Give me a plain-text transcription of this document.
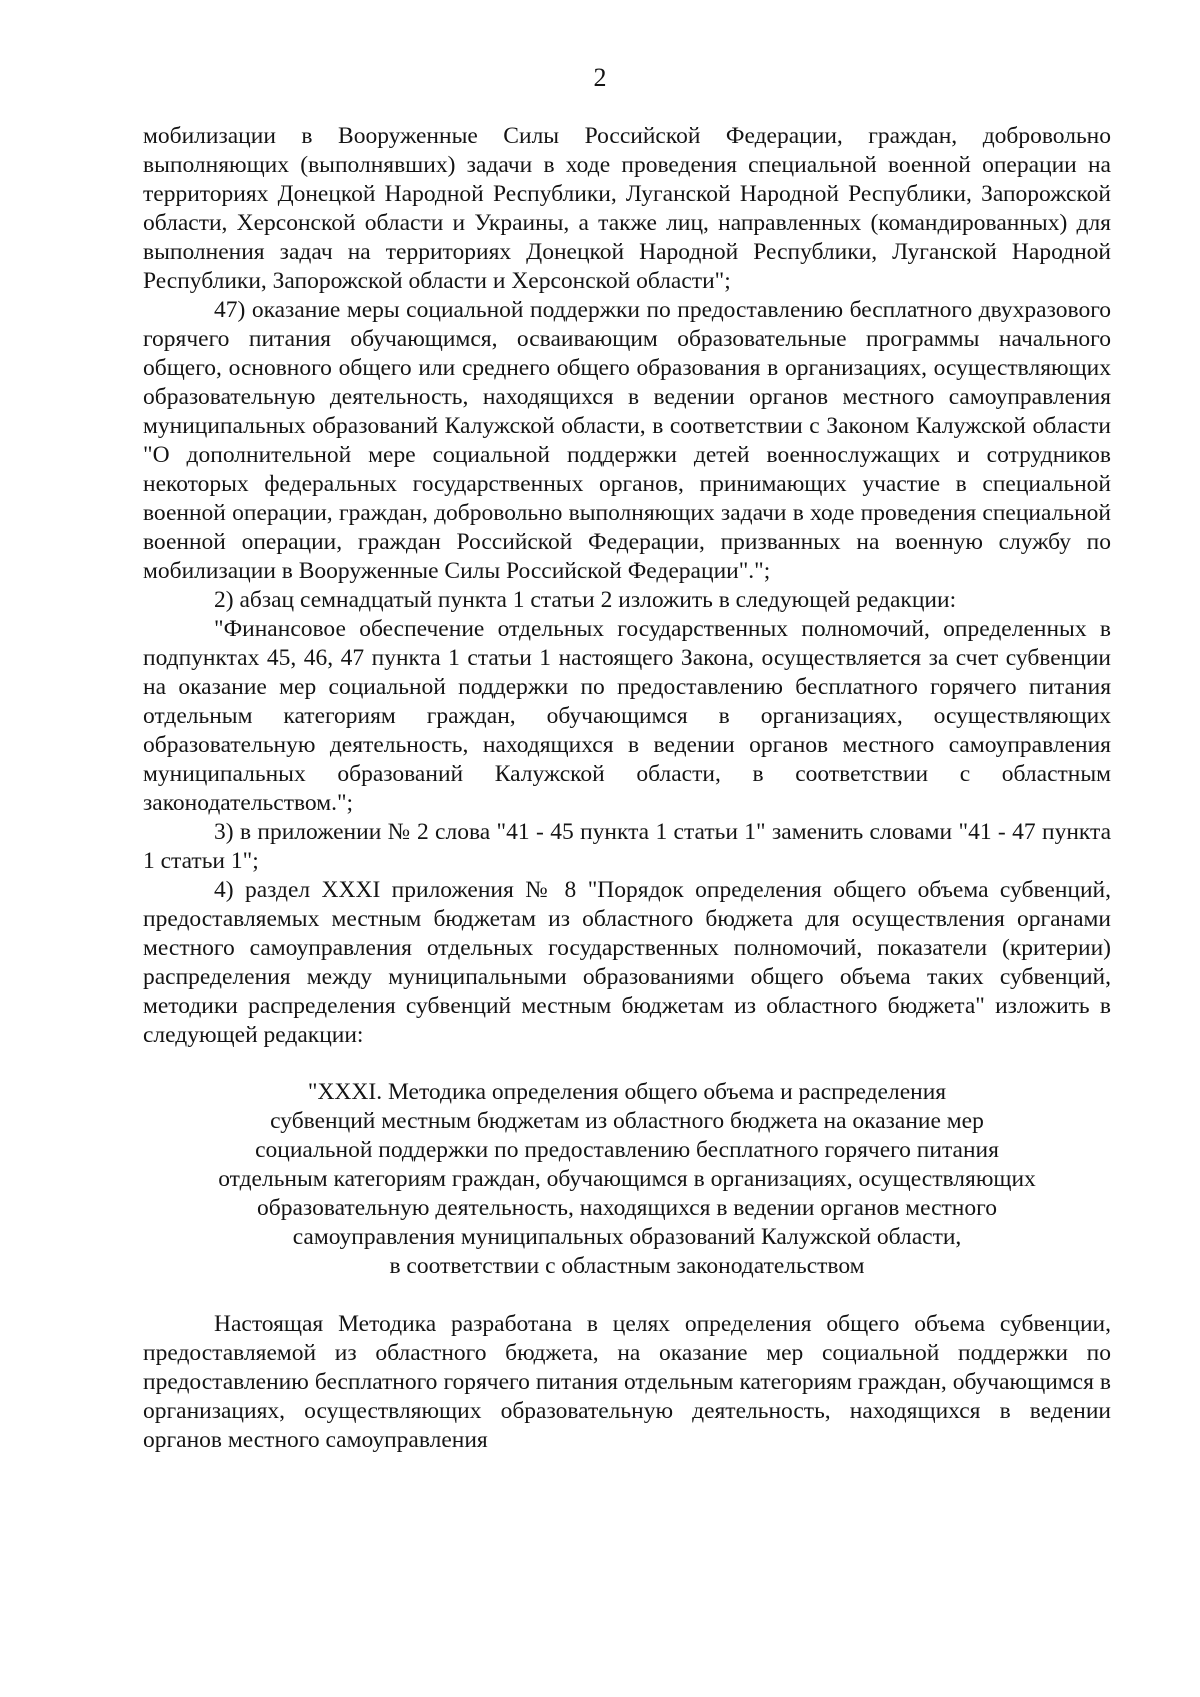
2

мобилизации в Вооруженные Силы Российской Федерации, граждан, добровольно выполняющих (выполнявших) задачи в ходе проведения специальной военной операции на территориях Донецкой Народной Республики, Луганской Народной Республики, Запорожской области, Херсонской области и Украины, а также лиц, направленных (командированных) для выполнения задач на территориях Донецкой Народной Республики, Луганской Народной Республики, Запорожской области и Херсонской области";

47) оказание меры социальной поддержки по предоставлению бесплатного двухразового горячего питания обучающимся, осваивающим образовательные программы начального общего, основного общего или среднего общего образования в организациях, осуществляющих образовательную деятельность, находящихся в ведении органов местного самоуправления муниципальных образований Калужской области, в соответствии с Законом Калужской области "О дополнительной мере социальной поддержки детей военнослужащих и сотрудников некоторых федеральных государственных органов, принимающих участие в специальной военной операции, граждан, добровольно выполняющих задачи в ходе проведения специальной военной операции, граждан Российской Федерации, призванных на военную службу по мобилизации в Вооруженные Силы Российской Федерации".";

2) абзац семнадцатый пункта 1 статьи 2 изложить в следующей редакции:

"Финансовое обеспечение отдельных государственных полномочий, определенных в подпунктах 45, 46, 47 пункта 1 статьи 1 настоящего Закона, осуществляется за счет субвенции на оказание мер социальной поддержки по предоставлению бесплатного горячего питания отдельным категориям граждан, обучающимся в организациях, осуществляющих образовательную деятельность, находящихся в ведении органов местного самоуправления муниципальных образований Калужской области, в соответствии с областным законодательством.";

3) в приложении № 2 слова "41 - 45 пункта 1 статьи 1" заменить словами "41 - 47 пункта 1 статьи 1";

4) раздел XXXI приложения № 8 "Порядок определения общего объема субвенций, предоставляемых местным бюджетам из областного бюджета для осуществления органами местного самоуправления отдельных государственных полномочий, показатели (критерии) распределения между муниципальными образованиями общего объема таких субвенций, методики распределения субвенций местным бюджетам из областного бюджета" изложить в следующей редакции:

"XXXI. Методика определения общего объема и распределения
субвенций местным бюджетам из областного бюджета на оказание мер
социальной поддержки по предоставлению бесплатного горячего питания
отдельным категориям граждан, обучающимся в организациях, осуществляющих
образовательную деятельность, находящихся в ведении органов местного
самоуправления муниципальных образований Калужской области,
в соответствии с областным законодательством

Настоящая Методика разработана в целях определения общего объема субвенции, предоставляемой из областного бюджета, на оказание мер социальной поддержки по предоставлению бесплатного горячего питания отдельным категориям граждан, обучающимся в организациях, осуществляющих образовательную деятельность, находящихся в ведении органов местного самоуправления
